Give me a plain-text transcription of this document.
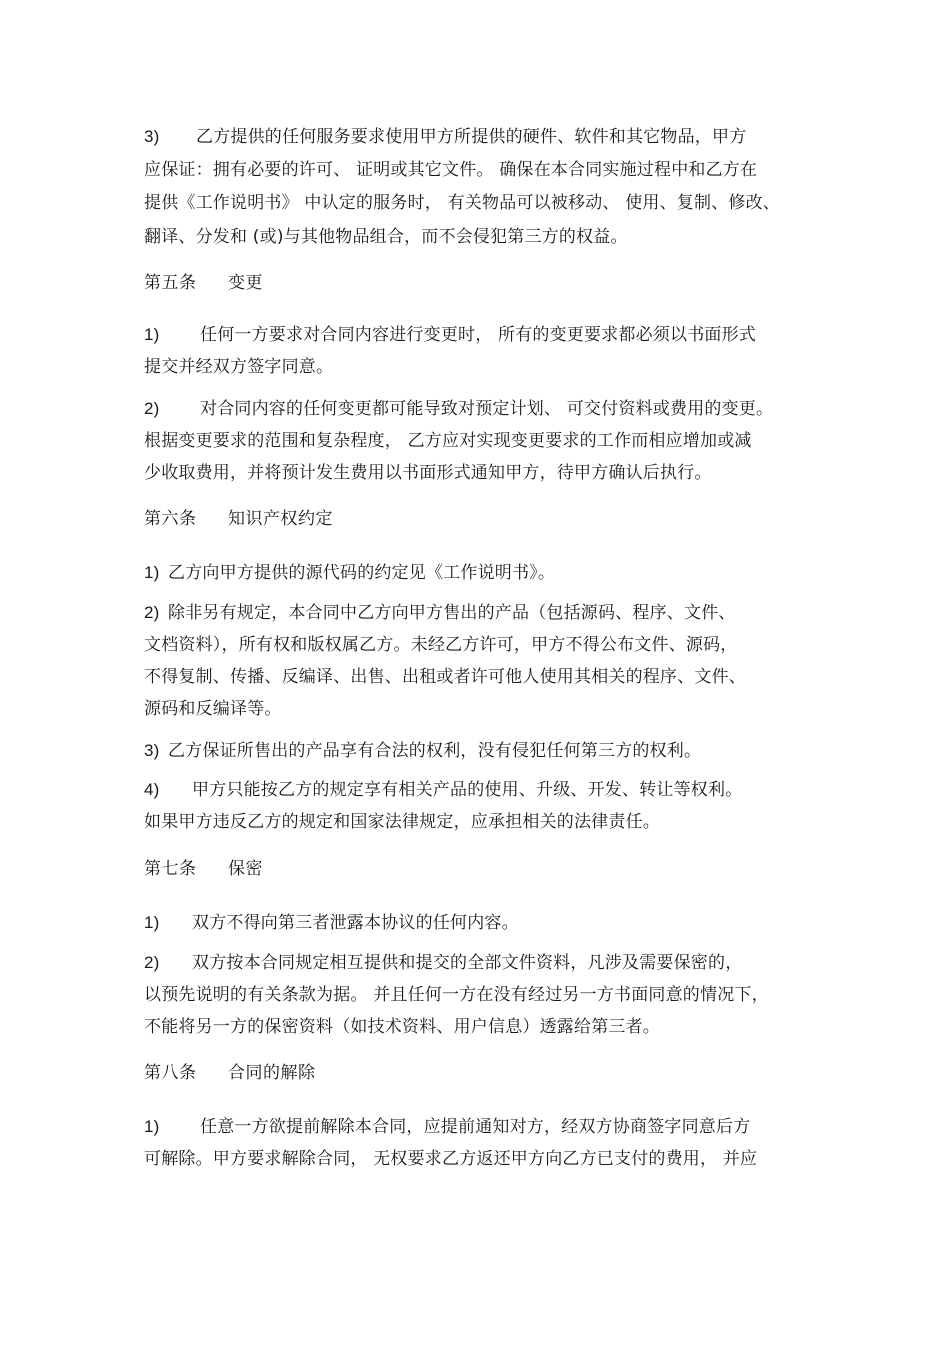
3) 乙方提供的任何服务要求使用甲方所提供的硬件、软件和其它物品，甲方
应保证：拥有必要的许可、 证明或其它文件。 确保在本合同实施过程中和乙方在
提供《工作说明书》 中认定的服务时， 有关物品可以被移动、 使用、复制、修改、
翻译、分发和 (或)与其他物品组合，而不会侵犯第三方的权益。
第五条 变更
1) 任何一方要求对合同内容进行变更时， 所有的变更要求都必须以书面形式
提交并经双方签字同意。
2) 对合同内容的任何变更都可能导致对预定计划、 可交付资料或费用的变更。
根据变更要求的范围和复杂程度， 乙方应对实现变更要求的工作而相应增加或减
少收取费用，并将预计发生费用以书面形式通知甲方，待甲方确认后执行。
第六条 知识产权约定
1) 乙方向甲方提供的源代码的约定见《工作说明书》。
2) 除非另有规定，本合同中乙方向甲方售出的产品（包括源码、程序、文件、
文档资料），所有权和版权属乙方。未经乙方许可，甲方不得公布文件、源码，
不得复制、传播、反编译、出售、出租或者许可他人使用其相关的程序、文件、
源码和反编译等。
3) 乙方保证所售出的产品享有合法的权利，没有侵犯任何第三方的权利。
4) 甲方只能按乙方的规定享有相关产品的使用、升级、开发、转让等权利。
如果甲方违反乙方的规定和国家法律规定，应承担相关的法律责任。
第七条 保密
1) 双方不得向第三者泄露本协议的任何内容。
2) 双方按本合同规定相互提供和提交的全部文件资料，凡涉及需要保密的，
以预先说明的有关条款为据。 并且任何一方在没有经过另一方书面同意的情况下，
不能将另一方的保密资料（如技术资料、用户信息）透露给第三者。
第八条 合同的解除
1) 任意一方欲提前解除本合同，应提前通知对方，经双方协商签字同意后方
可解除。甲方要求解除合同， 无权要求乙方返还甲方向乙方已支付的费用， 并应
